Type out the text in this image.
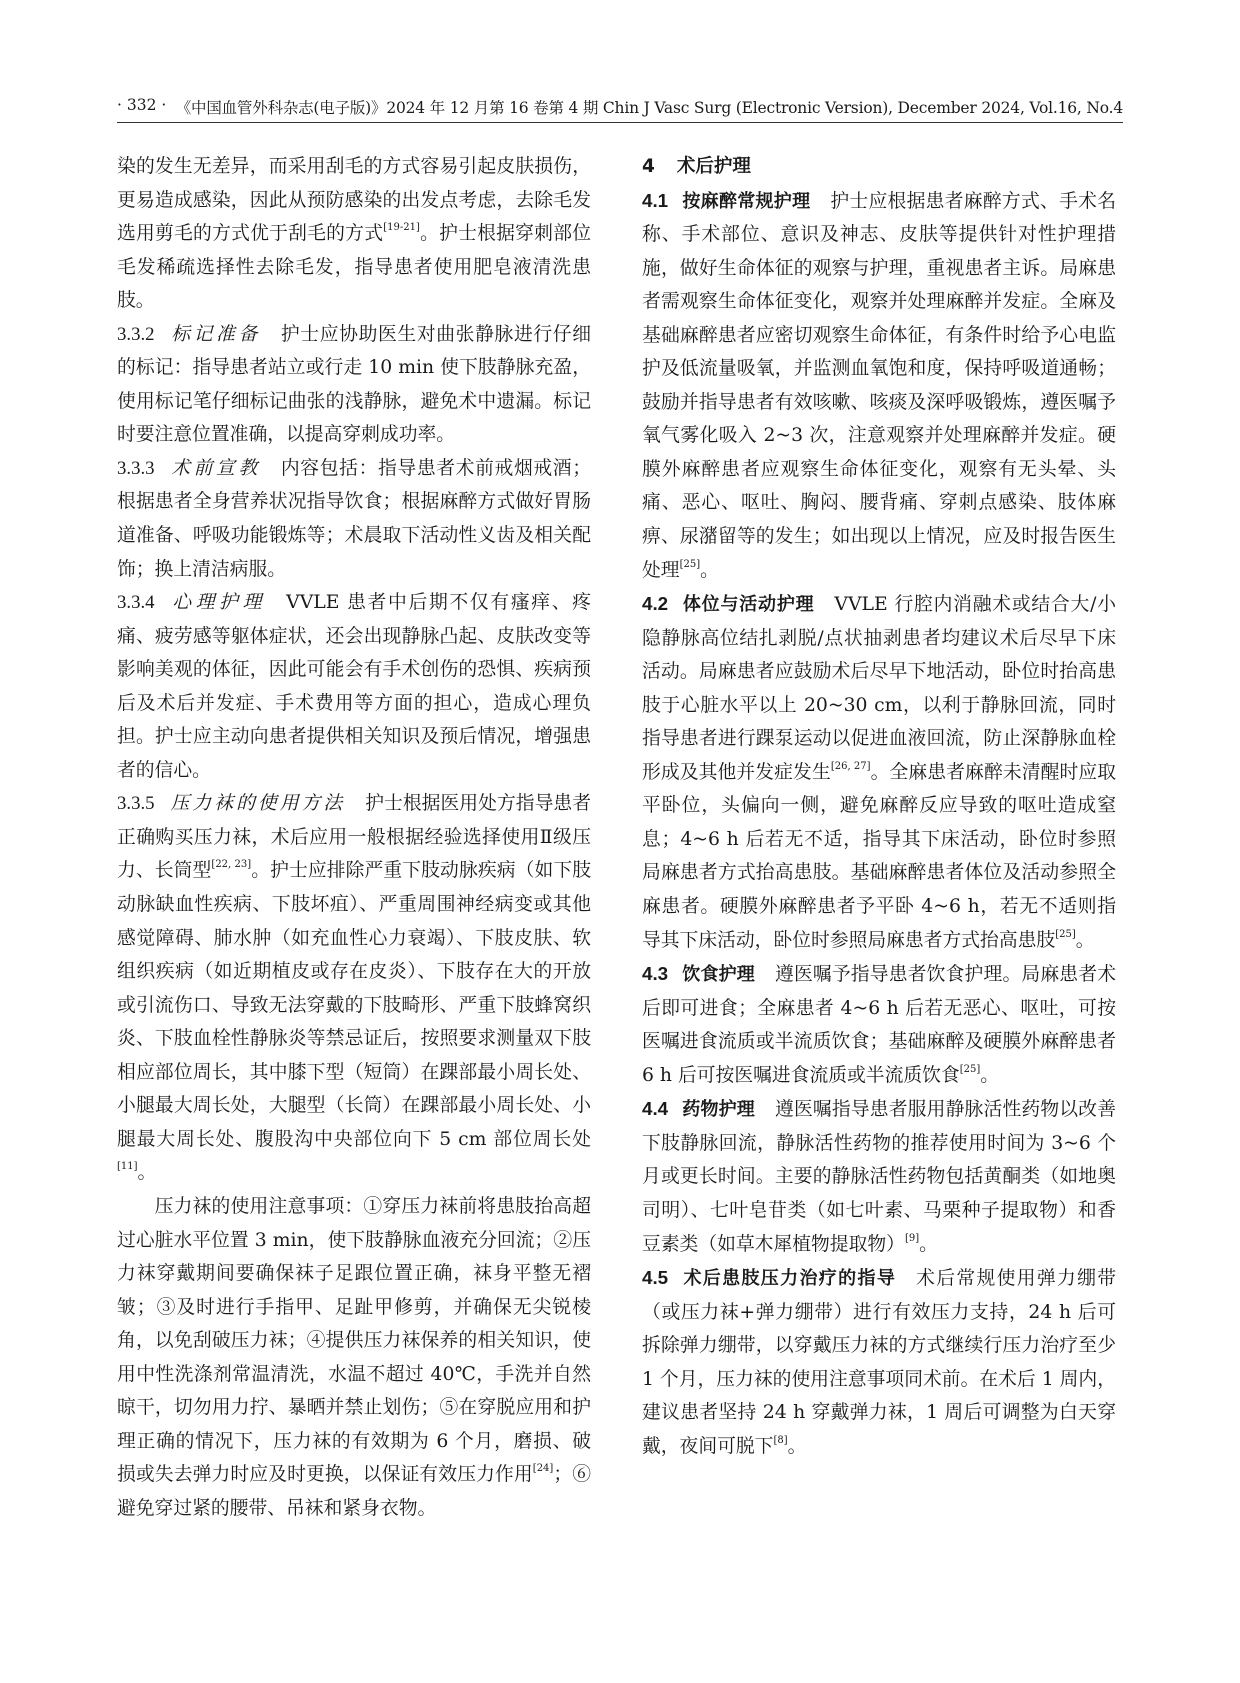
· 332 · 《中国血管外科杂志(电子版)》2024 年 12 月第 16 卷第 4 期 Chin J Vasc Surg (Electronic Version), December 2024, Vol.16, No.4

染的发生无差异，而采用刮毛的方式容易引起皮肤损伤，更易造成感染，因此从预防感染的出发点考虑，去除毛发选用剪毛的方式优于刮毛的方式[19-21]。护士根据穿刺部位毛发稀疏选择性去除毛发，指导患者使用肥皂液清洗患肢。

3.3.2 标记准备 护士应协助医生对曲张静脉进行仔细的标记：指导患者站立或行走 10 min 使下肢静脉充盈，使用标记笔仔细标记曲张的浅静脉，避免术中遗漏。标记时要注意位置准确，以提高穿刺成功率。

3.3.3 术前宣教 内容包括：指导患者术前戒烟戒酒；根据患者全身营养状况指导饮食；根据麻醉方式做好胃肠道准备、呼吸功能锻炼等；术晨取下活动性义齿及相关配饰；换上清洁病服。

3.3.4 心理护理 VVLE 患者中后期不仅有瘙痒、疼痛、疲劳感等躯体症状，还会出现静脉凸起、皮肤改变等影响美观的体征，因此可能会有手术创伤的恐惧、疾病预后及术后并发症、手术费用等方面的担心，造成心理负担。护士应主动向患者提供相关知识及预后情况，增强患者的信心。

3.3.5 压力袜的使用方法 护士根据医用处方指导患者正确购买压力袜，术后应用一般根据经验选择使用Ⅱ级压力、长筒型[22, 23]。护士应排除严重下肢动脉疾病（如下肢动脉缺血性疾病、下肢坏疽）、严重周围神经病变或其他感觉障碍、肺水肿（如充血性心力衰竭）、下肢皮肤、软组织疾病（如近期植皮或存在皮炎）、下肢存在大的开放或引流伤口、导致无法穿戴的下肢畸形、严重下肢蜂窝织炎、下肢血栓性静脉炎等禁忌证后，按照要求测量双下肢相应部位周长，其中膝下型（短筒）在踝部最小周长处、小腿最大周长处，大腿型（长筒）在踝部最小周长处、小腿最大周长处、腹股沟中央部位向下 5 cm 部位周长处[11]。

压力袜的使用注意事项：①穿压力袜前将患肢抬高超过心脏水平位置 3 min，使下肢静脉血液充分回流；②压力袜穿戴期间要确保袜子足跟位置正确，袜身平整无褶皱；③及时进行手指甲、足趾甲修剪，并确保无尖锐棱角，以免刮破压力袜；④提供压力袜保养的相关知识，使用中性洗涤剂常温清洗，水温不超过 40℃，手洗并自然晾干，切勿用力拧、暴晒并禁止划伤；⑤在穿脱应用和护理正确的情况下，压力袜的有效期为 6 个月，磨损、破损或失去弹力时应及时更换，以保证有效压力作用[24]；⑥避免穿过紧的腰带、吊袜和紧身衣物。

4 术后护理

4.1 按麻醉常规护理 护士应根据患者麻醉方式、手术名称、手术部位、意识及神志、皮肤等提供针对性护理措施，做好生命体征的观察与护理，重视患者主诉。局麻患者需观察生命体征变化，观察并处理麻醉并发症。全麻及基础麻醉患者应密切观察生命体征，有条件时给予心电监护及低流量吸氧，并监测血氧饱和度，保持呼吸道通畅；鼓励并指导患者有效咳嗽、咳痰及深呼吸锻炼，遵医嘱予氧气雾化吸入 2~3 次，注意观察并处理麻醉并发症。硬膜外麻醉患者应观察生命体征变化，观察有无头晕、头痛、恶心、呕吐、胸闷、腰背痛、穿刺点感染、肢体麻痹、尿潴留等的发生；如出现以上情况，应及时报告医生处理[25]。

4.2 体位与活动护理 VVLE 行腔内消融术或结合大/小隐静脉高位结扎剥脱/点状抽剥患者均建议术后尽早下床活动。局麻患者应鼓励术后尽早下地活动，卧位时抬高患肢于心脏水平以上 20~30 cm，以利于静脉回流，同时指导患者进行踝泵运动以促进血液回流，防止深静脉血栓形成及其他并发症发生[26, 27]。全麻患者麻醉未清醒时应取平卧位，头偏向一侧，避免麻醉反应导致的呕吐造成窒息；4~6 h 后若无不适，指导其下床活动，卧位时参照局麻患者方式抬高患肢。基础麻醉患者体位及活动参照全麻患者。硬膜外麻醉患者予平卧 4~6 h，若无不适则指导其下床活动，卧位时参照局麻患者方式抬高患肢[25]。

4.3 饮食护理 遵医嘱予指导患者饮食护理。局麻患者术后即可进食；全麻患者 4~6 h 后若无恶心、呕吐，可按医嘱进食流质或半流质饮食；基础麻醉及硬膜外麻醉患者 6 h 后可按医嘱进食流质或半流质饮食[25]。

4.4 药物护理 遵医嘱指导患者服用静脉活性药物以改善下肢静脉回流，静脉活性药物的推荐使用时间为 3~6 个月或更长时间。主要的静脉活性药物包括黄酮类（如地奥司明）、七叶皂苷类（如七叶素、马栗种子提取物）和香豆素类（如草木犀植物提取物）[9]。

4.5 术后患肢压力治疗的指导 术后常规使用弹力绷带（或压力袜+弹力绷带）进行有效压力支持，24 h 后可拆除弹力绷带，以穿戴压力袜的方式继续行压力治疗至少 1 个月，压力袜的使用注意事项同术前。在术后 1 周内，建议患者坚持 24 h 穿戴弹力袜，1 周后可调整为白天穿戴，夜间可脱下[8]。
